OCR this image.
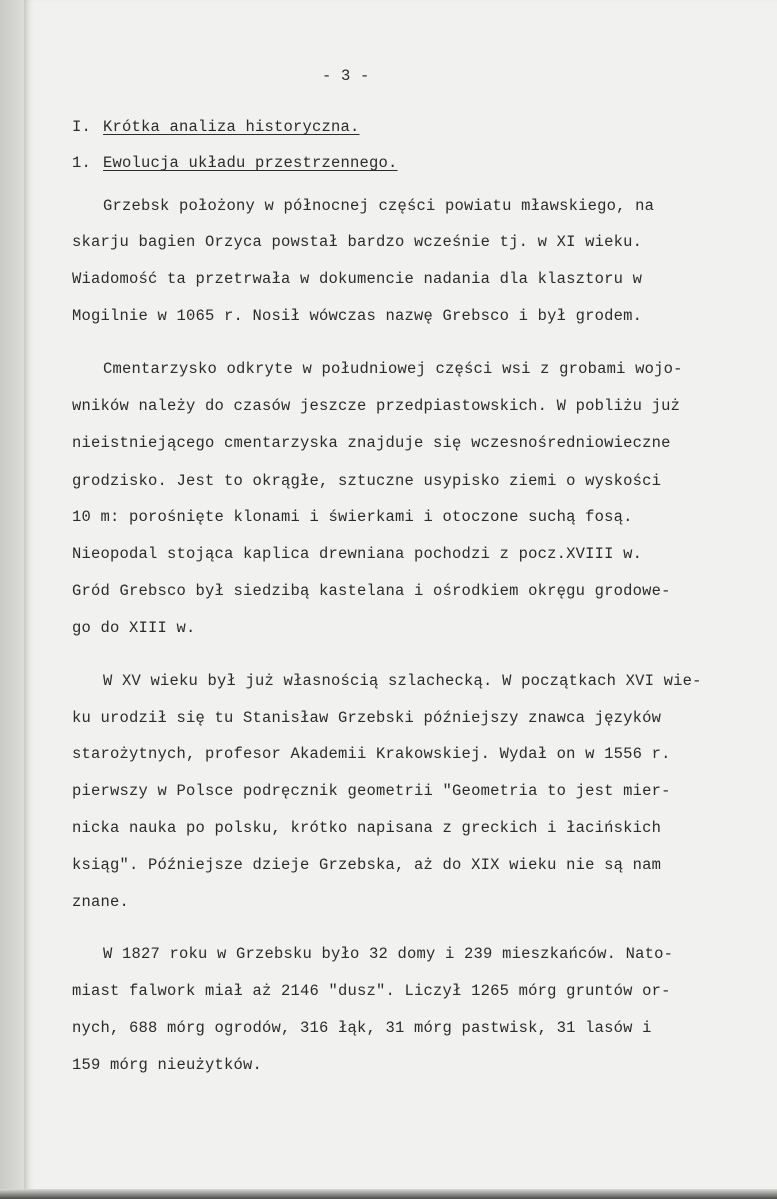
- 3 -
I. Krótka analiza historyczna.
1. Ewolucja układu przestrzennego.
Grzebsk położony w północnej części powiatu mławskiego, na
skarju bagien Orzyca powstał bardzo wcześnie tj. w XI wieku.
Wiadomość ta przetrwała w dokumencie nadania dla klasztoru w
Mogilnie w 1065 r. Nosił wówczas nazwę Grebsco i był grodem.
Cmentarzysko odkryte w południowej części wsi z grobami wojo-
wników należy do czasów jeszcze przedpiastowskich. W pobliżu już
nieistniejącego cmentarzyska znajduje się wczesnośredniowieczne
grodzisko. Jest to okrągłe, sztuczne usypisko ziemi o wyskości
10 m: porośnięte klonami i świerkami i otoczone suchą fosą.
Nieopodal stojąca kaplica drewniana pochodzi z pocz.XVIII w.
Gród Grebsco był siedzibą kastelana i ośrodkiem okręgu grodowe-
go do XIII w.
W XV wieku był już własnością szlachecką. W początkach XVI wie-
ku urodził się tu Stanisław Grzebski późniejszy znawca języków
starożytnych, profesor Akademii Krakowskiej. Wydał on w 1556 r.
pierwszy w Polsce podręcznik geometrii "Geometria to jest mier-
nicka nauka po polsku, krótko napisana z greckich i łacińskich
ksiąg". Późniejsze dzieje Grzebska, aż do XIX wieku nie są nam
znane.
W 1827 roku w Grzebsku było 32 domy i 239 mieszkańców. Nato-
miast falwork miał aż 2146 "dusz". Liczył 1265 mórg gruntów or-
nych, 688 mórg ogrodów, 316 łąk, 31 mórg pastwisk, 31 lasów i
159 mórg nieużytków.
